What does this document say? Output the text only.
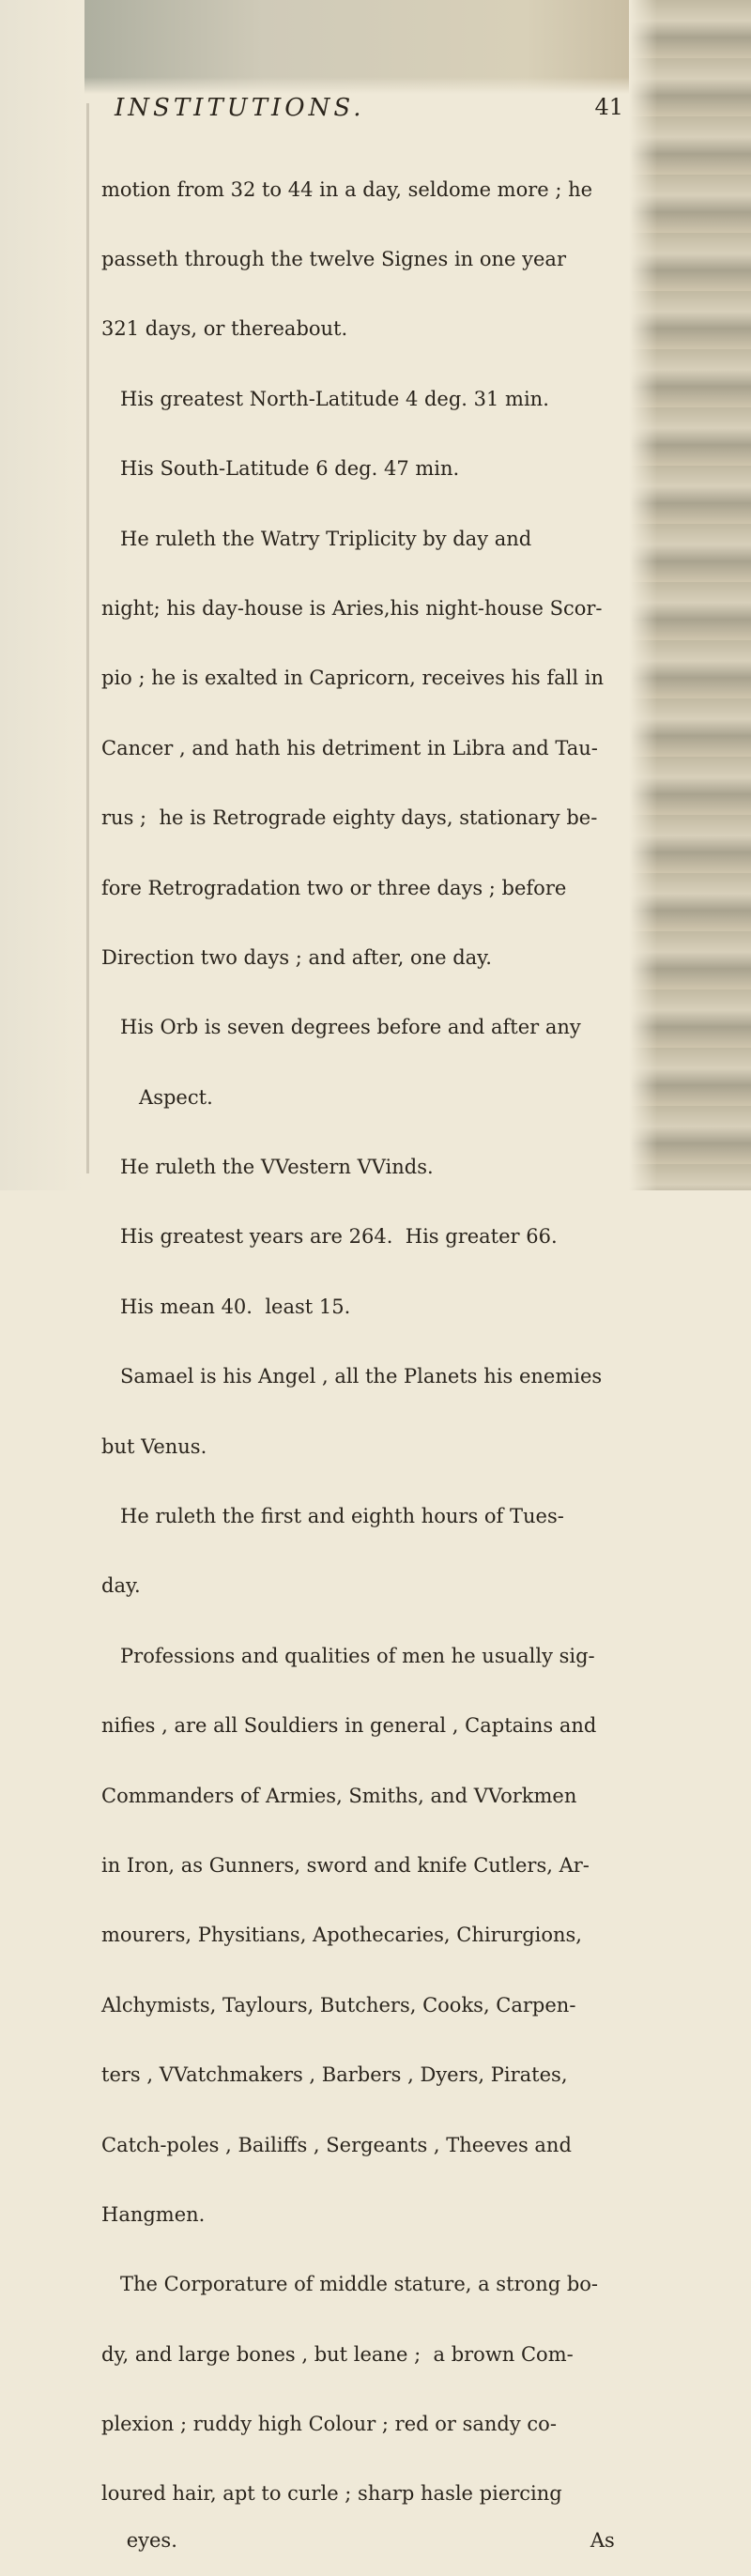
INSTITUTIONS.	41

motion from 32 to 44 in a day, seldome more ; he

passeth through the twelve Signes in one year

321 days, or thereabout.

His greatest North-Latitude 4 deg. 31 min.

His South-Latitude 6 deg. 47 min.

He ruleth the Watry Triplicity by day and

night; his day-house is Aries,his night-house Scor-

pio ; he is exalted in Capricorn, receives his fall in

Cancer , and hath his detriment in Libra and Tau-

rus ;  he is Retrograde eighty days, stationary be-

fore Retrogradation two or three days ; before

Direction two days ; and after, one day.

His Orb is seven degrees before and after any

Aspect.

He ruleth the VVestern VVinds.

His greatest years are 264.  His greater 66.

His mean 40.  least 15.

Samael is his Angel , all the Planets his enemies

but Venus.

He ruleth the first and eighth hours of Tues-

day.

Professions and qualities of men he usually sig-

nifies , are all Souldiers in general , Captains and

Commanders of Armies, Smiths, and VVorkmen

in Iron, as Gunners, sword and knife Cutlers, Ar-

mourers, Physitians, Apothecaries, Chirurgions,

Alchymists, Taylours, Butchers, Cooks, Carpen-

ters , VVatchmakers , Barbers , Dyers, Pirates,

Catch-poles , Bailiffs , Sergeants , Theeves and

Hangmen.

The Corporature of middle stature, a strong bo-

dy, and large bones , but leane ;  a brown Com-

plexion ; ruddy high Colour ; red or sandy co-

loured hair, apt to curle ; sharp hasle piercing

eyes.	As
